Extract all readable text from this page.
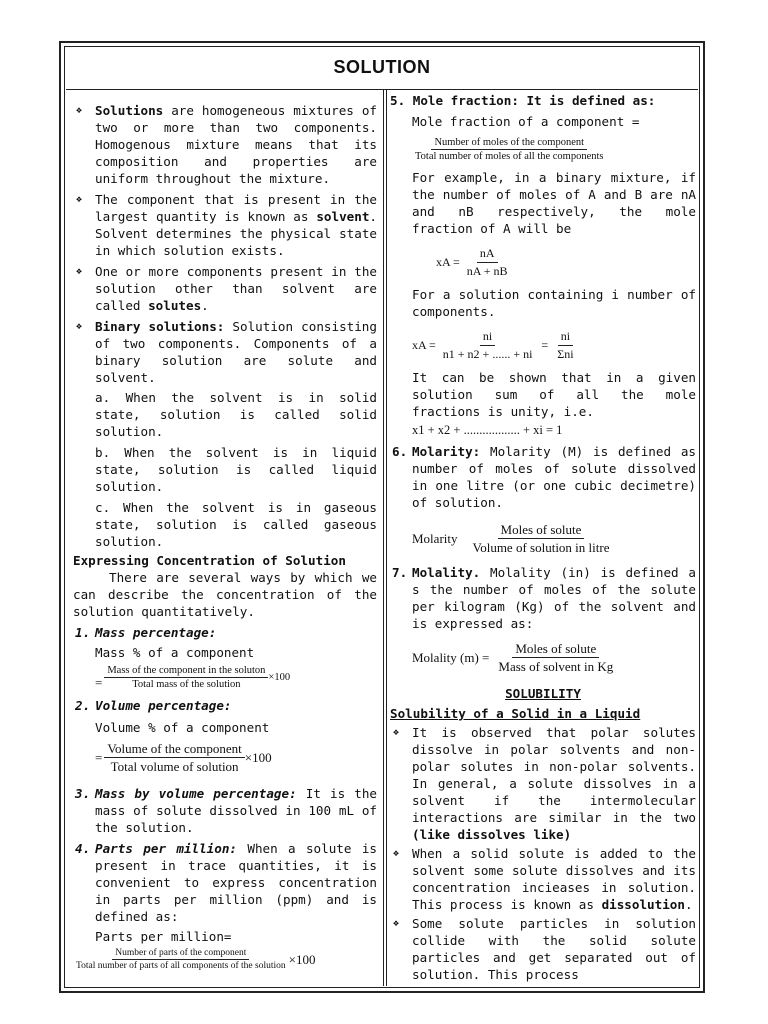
SOLUTION
❖ Solutions are homogeneous mixtures of two or more than two components. Homogenous mixture means that its composition and properties are uniform throughout the mixture.
❖ The component that is present in the largest quantity is known as solvent. Solvent determines the physical state in which solution exists.
❖ One or more components present in the solution other than solvent are called solutes.
❖ Binary solutions: Solution consisting of two components. Components of a binary solution are solute and solvent.

a. When the solvent is in solid state, solution is called solid solution.

b. When the solvent is in liquid state, solution is called liquid solution.

c. When the solvent is in gaseous state, solution is called gaseous solution.

Expressing Concentration of Solution

There are several ways by which we can describe the concentration of the solution quantitatively.

1. Mass percentage:

Mass % of a component

= $\frac{\text{Mass of the component in the soluton}}{\text{Total mass of the solution}} \times 100$
2. Volume percentage:

Volume % of a component

= $\frac{\text{Volume of the component}}{\text{Total volume of solution}} \times 100$
3. Mass by volume percentage: It is the mass of solute dissolved in 100 mL of the solution.
4. Parts per million: When a solute is present in trace quantities, it is convenient to express concentration in parts per million (ppm) and is defined as:

Parts per million=

$\frac{\text{Number of parts of the component}}{\text{Total number of parts of all components of the solution}} \times 100$

5. Mole fraction: It is defined as:

Mole fraction of a component =

$\frac{\text{Number of moles of the component}}{\text{Total number of moles of all the components}}$

For example, in a binary mixture, if the number of moles of A and B are nA and nB respectively, the mole fraction of A will be

xA = $\frac{nA}{nA + nB}$

For a solution containing i number of components.

xA = $\frac{ni}{n1 + n2 + ...... + ni} = \frac{ni}{\text{Σni}}$

It can be shown that in a given solution sum of all the mole fractions is unity, i.e.

x1 + x2 + .................. + xi = 1

6. Molarity: Molarity (M) is defined as number of moles of solute dissolved in one litre (or one cubic decimetre) of solution.
Molarity $\frac{\text{Moles of solute}}{\text{Volume of solution in litre}}$
7. Molality. Molality (in) is defined a s the number of moles of the solute per kilogram (Kg) of the solvent and is expressed as:
Molality $(m) = \frac{\text{Moles of solute}}{\text{Mass of solvent in Kg}}$

SOLUBILITY

Solubility of a Solid in a Liquid

❖ It is observed that polar solutes dissolve in polar solvents and non-polar solutes in non-polar solvents. In general, a solute dissolves in a solvent if the intermolecular interactions are similar in the two (like dissolves like)
❖ When a solid solute is added to the solvent some solute dissolves and its concentration incieases in solution. This process is known as dissolution.
❖ Some solute particles in solution collide with the solid solute particles and get separated out of solution. This process
